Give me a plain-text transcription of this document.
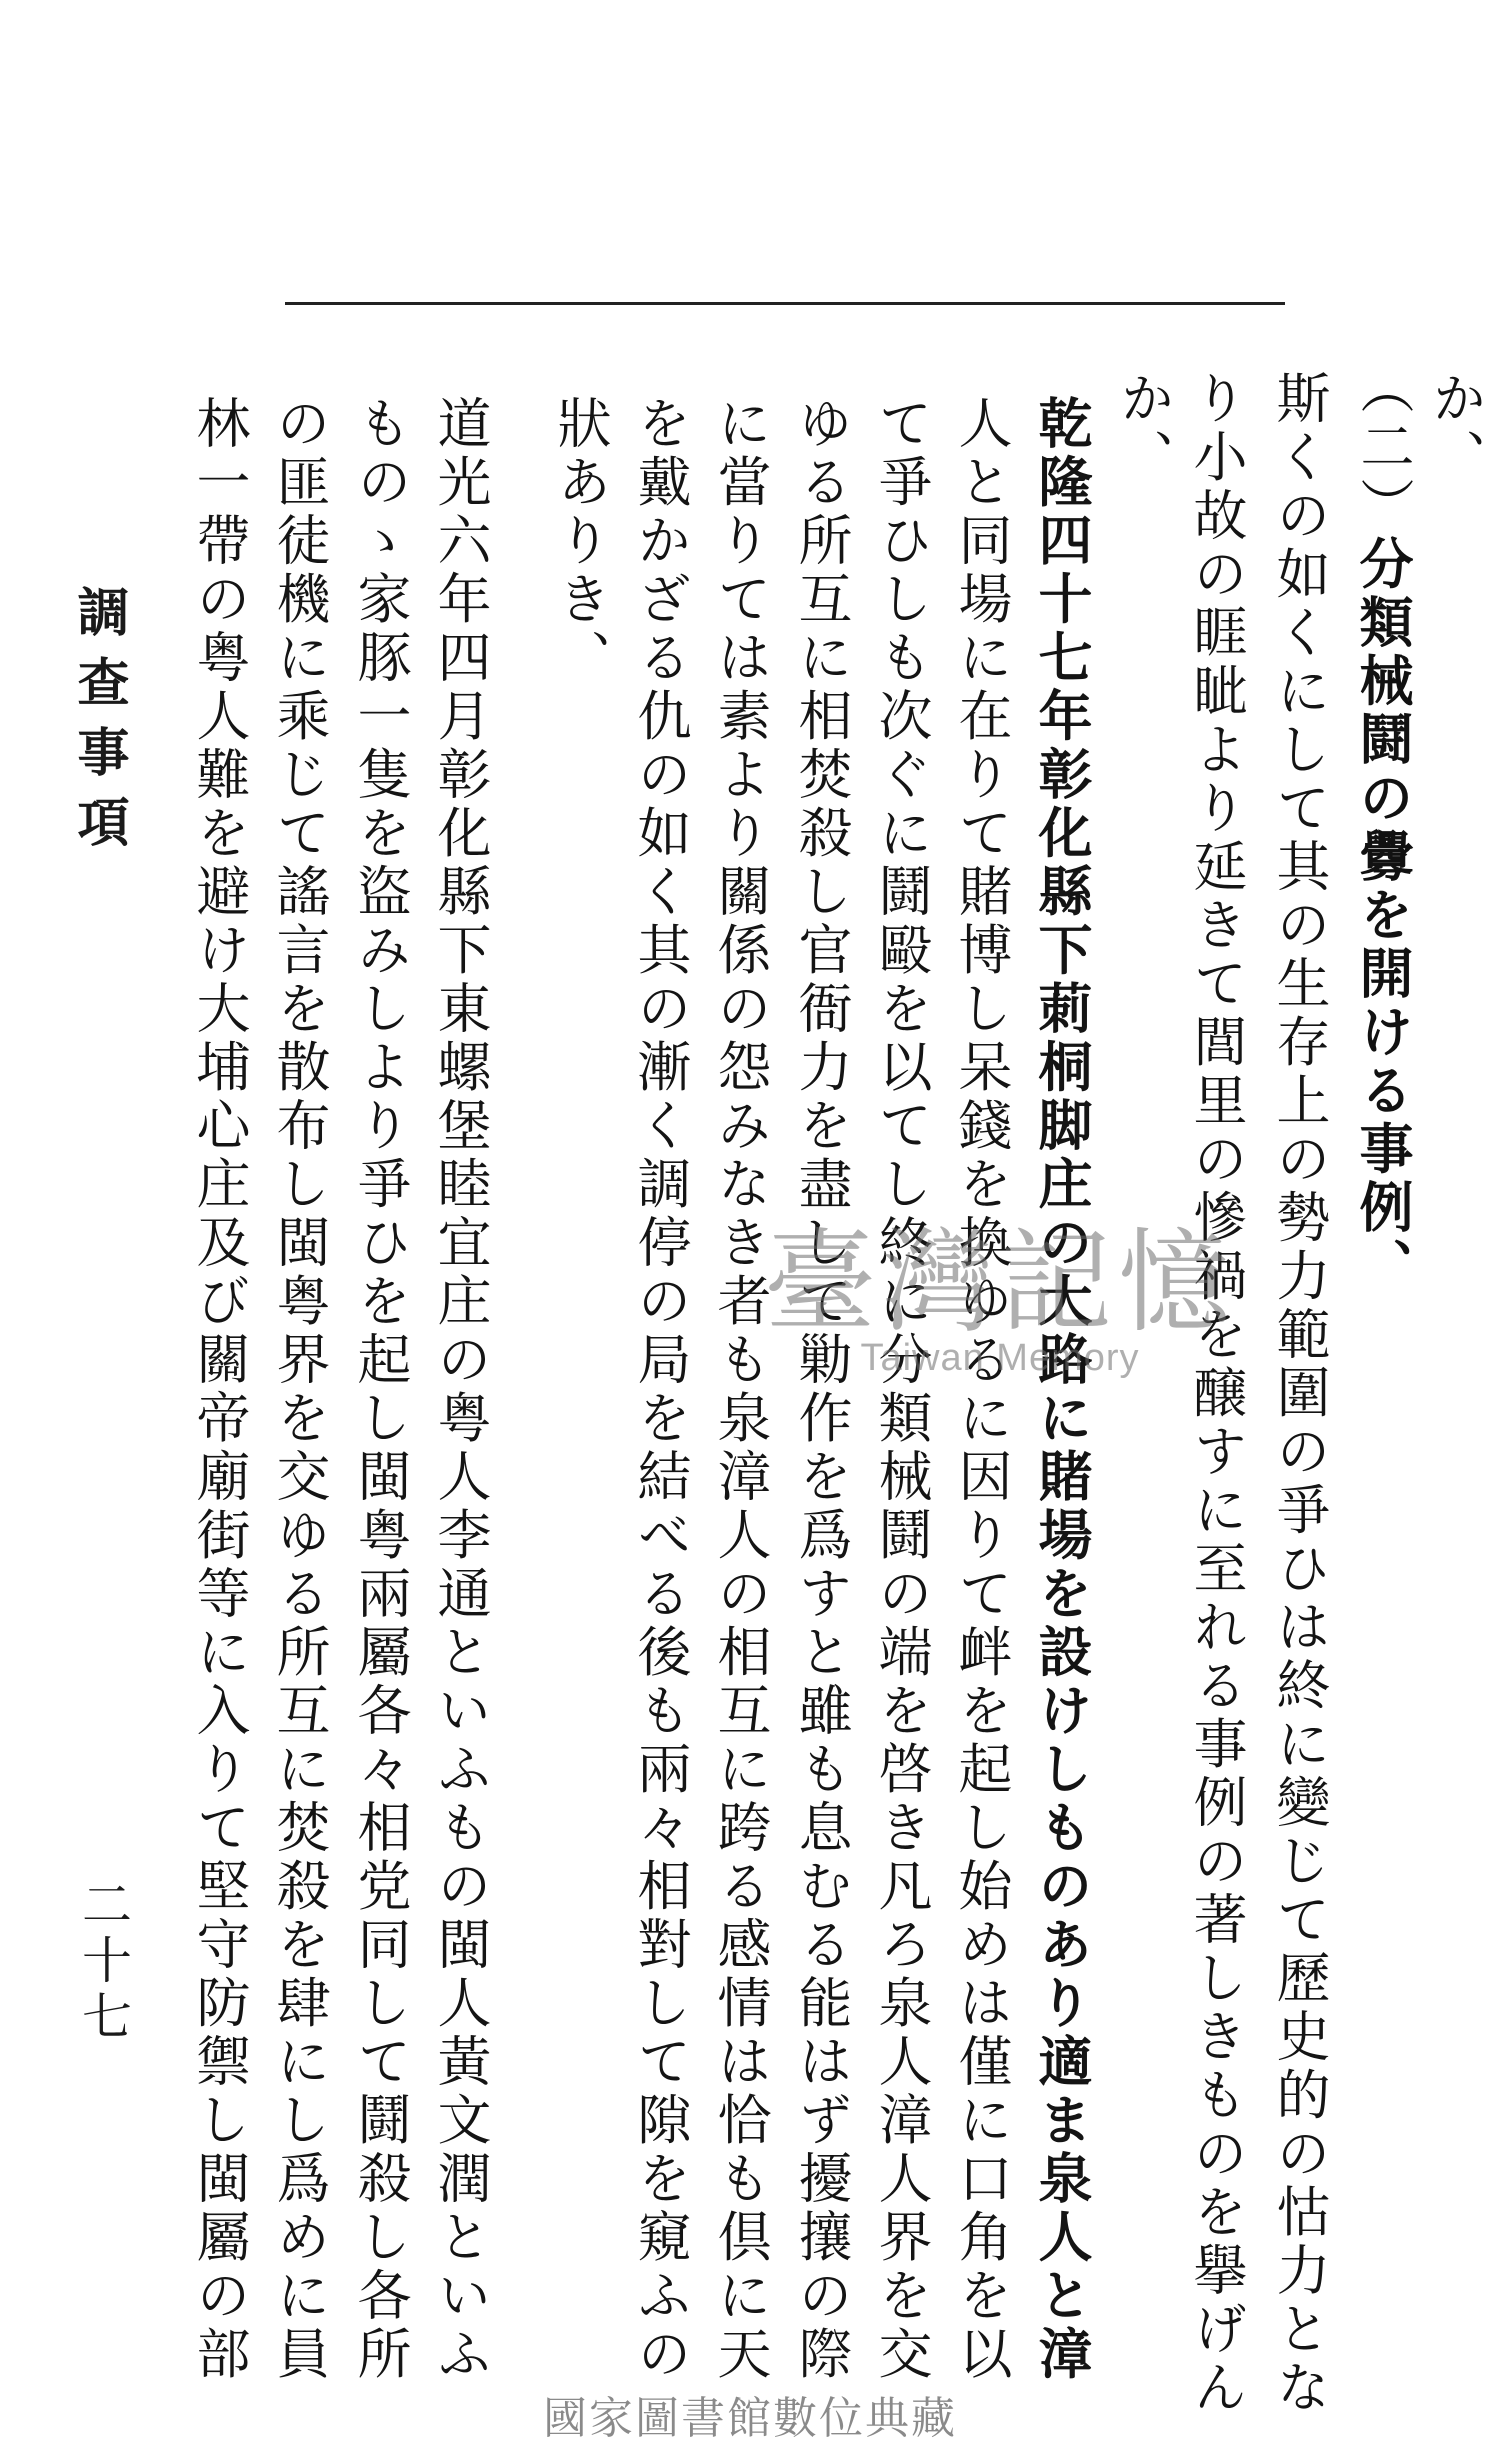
（二）分類械鬪の釁を開ける事例、
か、
斯くの如くにして其の生存上の勢力範圍の爭ひは終に變じて歷史的の怙力とな
り小故の睚眦より延きて閭里の慘禍を醸すに至れる事例の著しきものを擧げん
か、
乾隆四十七年彰化縣下莿桐脚庄の大路に賭場を設けしものあり適ま泉人と漳
人と同場に在りて賭博し呆錢を換ゆるに因りて衅を起し始めは僅に口角を以
て爭ひしも次ぐに鬪毆を以てし終に分類械鬪の端を啓き凡ろ泉人漳人界を交
ゆる所互に相焚殺し官衙力を盡して勦作を爲すと雖も息むる能はず擾攘の際
に當りては素より關係の怨みなき者も泉漳人の相互に跨る感情は恰も倶に天
を戴かざる仇の如く其の漸く調停の局を結べる後も兩々相對して隙を窺ふの
狀ありき、
道光六年四月彰化縣下東螺堡睦宜庄の粤人李通といふもの閩人黃文潤といふ
ものゝ家豚一隻を盜みしより爭ひを起し閩粤兩屬各々相党同して鬪殺し各所
の匪徒機に乘じて謠言を散布し閩粤界を交ゆる所互に焚殺を肆にし爲めに員
林一帶の粤人難を避け大埔心庄及び關帝廟街等に入りて堅守防禦し閩屬の部
調查事項
二十七
臺灣記憶
Taiwan Memory
國家圖書館數位典藏
